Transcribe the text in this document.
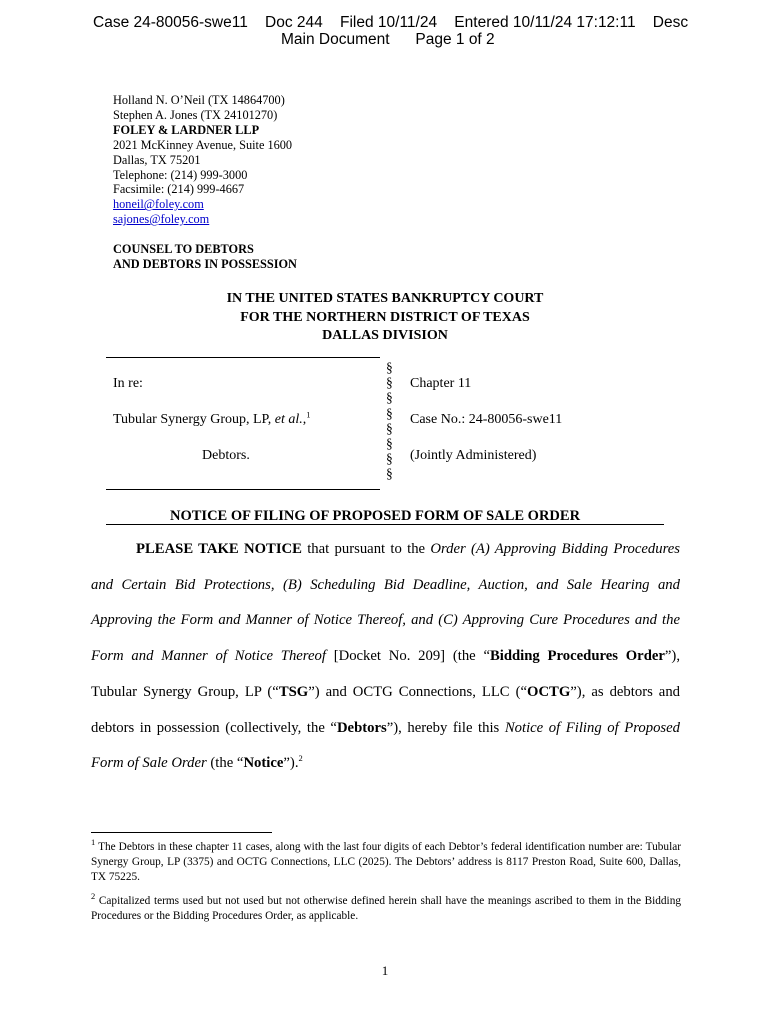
Case 24-80056-swe11    Doc 244    Filed 10/11/24    Entered 10/11/24 17:12:11    Desc
Main Document      Page 1 of 2
Holland N. O’Neil (TX 14864700)
Stephen A. Jones (TX 24101270)
FOLEY & LARDNER LLP
2021 McKinney Avenue, Suite 1600
Dallas, TX 75201
Telephone: (214) 999-3000
Facsimile: (214) 999-4667
honeil@foley.com
sajones@foley.com
COUNSEL TO DEBTORS
AND DEBTORS IN POSSESSION
IN THE UNITED STATES BANKRUPTCY COURT
FOR THE NORTHERN DISTRICT OF TEXAS
DALLAS DIVISION
§
§
§
§
§
§
§
§
In re:
Tubular Synergy Group, LP, et al.,$^1$
Debtors.
Chapter 11
Case No.: 24-80056-swe11
(Jointly Administered)
NOTICE OF FILING OF PROPOSED FORM OF SALE ORDER
PLEASE TAKE NOTICE that pursuant to the Order (A) Approving Bidding Procedures
and Certain Bid Protections, (B) Scheduling Bid Deadline, Auction, and Sale Hearing and
Approving the Form and Manner of Notice Thereof, and (C) Approving Cure Procedures and the
Form and Manner of Notice Thereof [Docket No. 209] (the “Bidding Procedures Order”),
Tubular Synergy Group, LP (“TSG”) and OCTG Connections, LLC (“OCTG”), as debtors and
debtors in possession (collectively, the “Debtors”), hereby file this Notice of Filing of Proposed
Form of Sale Order (the “Notice”).$^2$
$^1$ The Debtors in these chapter 11 cases, along with the last four digits of each Debtor’s federal identification number are: Tubular Synergy Group, LP (3375) and OCTG Connections, LLC (2025). The Debtors’ address is 8117 Preston Road, Suite 600, Dallas, TX 75225.
$^2$ Capitalized terms used but not used but not otherwise defined herein shall have the meanings ascribed to them in the Bidding Procedures or the Bidding Procedures Order, as applicable.
1
